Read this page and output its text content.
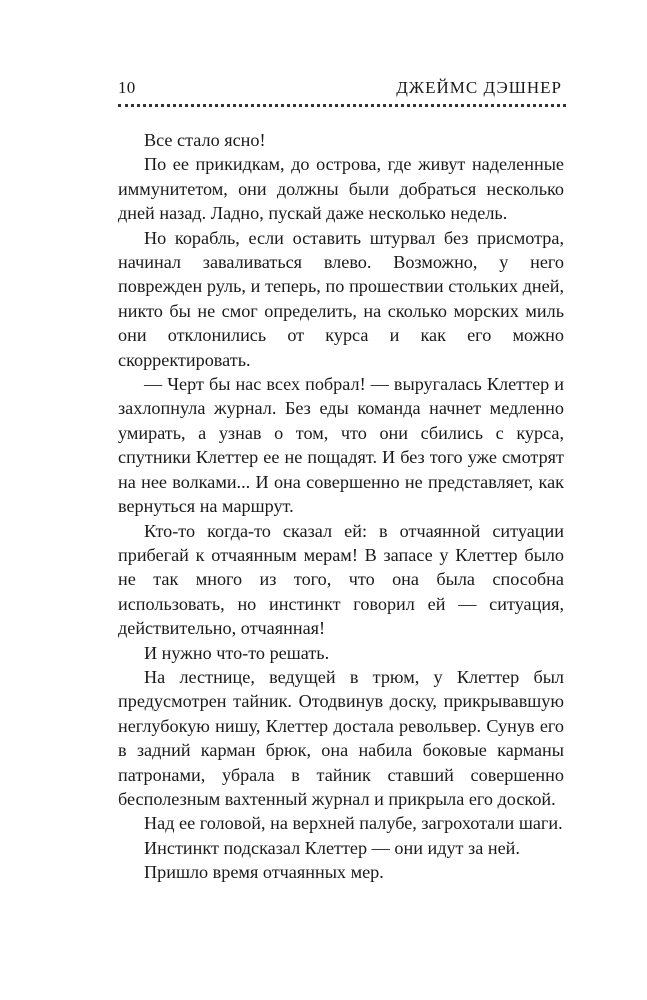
10	ДЖЕЙМС ДЭШНЕР

Все стало ясно!

По ее прикидкам, до острова, где живут наделенные иммунитетом, они должны были добраться несколько дней назад. Ладно, пускай даже несколько недель.

Но корабль, если оставить штурвал без присмотра, начинал заваливаться влево. Возможно, у него поврежден руль, и теперь, по прошествии стольких дней, никто бы не смог определить, на сколько морских миль они отклонились от курса и как его можно скорректировать.

— Черт бы нас всех побрал! — выругалась Клеттер и захлопнула журнал. Без еды команда начнет медленно умирать, а узнав о том, что они сбились с курса, спутники Клеттер ее не пощадят. И без того уже смотрят на нее волками... И она совершенно не представляет, как вернуться на маршрут.

Кто-то когда-то сказал ей: в отчаянной ситуации прибегай к отчаянным мерам! В запасе у Клеттер было не так много из того, что она была способна использовать, но инстинкт говорил ей — ситуация, действительно, отчаянная!

И нужно что-то решать.

На лестнице, ведущей в трюм, у Клеттер был предусмотрен тайник. Отодвинув доску, прикрывавшую неглубокую нишу, Клеттер достала револьвер. Сунув его в задний карман брюк, она набила боковые карманы патронами, убрала в тайник ставший совершенно бесполезным вахтенный журнал и прикрыла его доской.

Над ее головой, на верхней палубе, загрохотали шаги.

Инстинкт подсказал Клеттер — они идут за ней.

Пришло время отчаянных мер.
